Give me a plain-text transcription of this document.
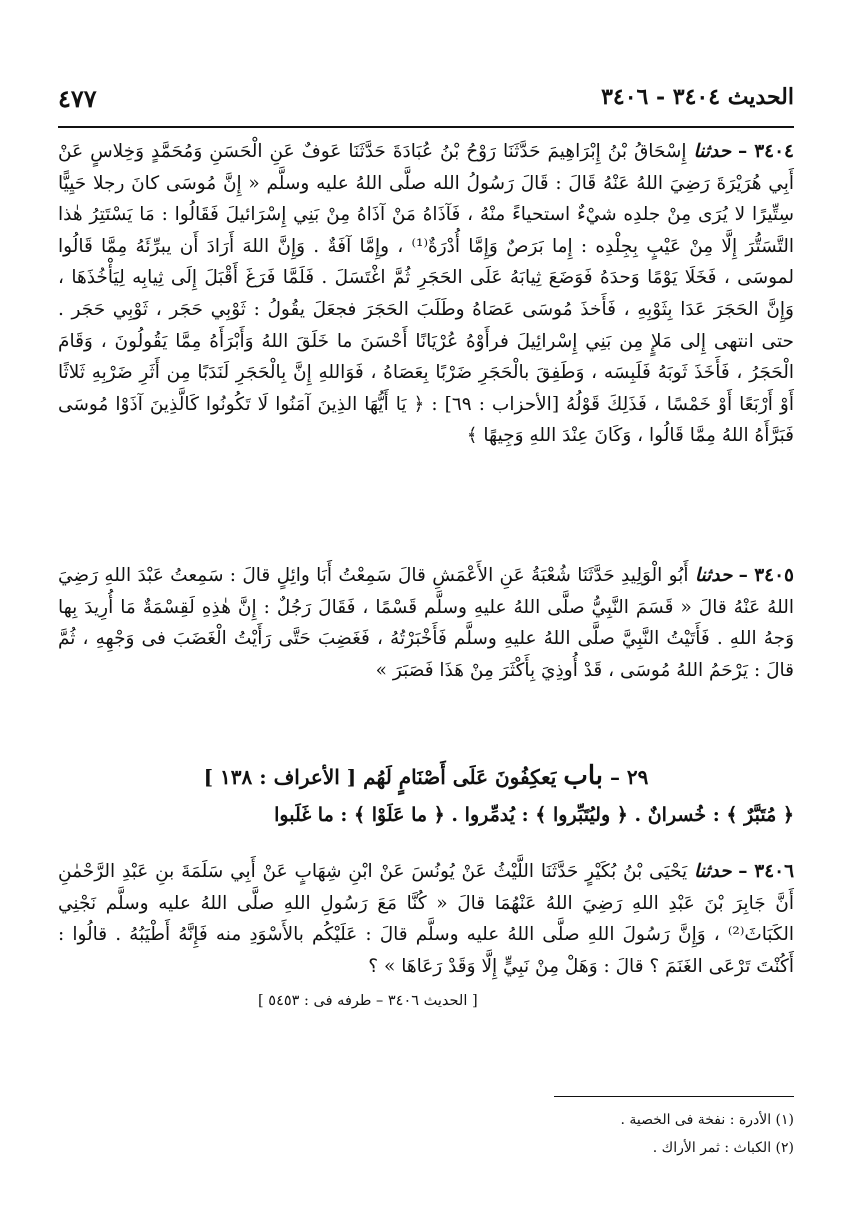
الحديث ٣٤٠٤ - ٣٤٠٦
٤٧٧

٣٤٠٤ – حدثنا إِسْحَاقُ بْنُ إِبْرَاهِيمَ حَدَّثَنَا رَوْحُ بْنُ عُبَادَةَ حَدَّثَنَا عَوفٌ عَنِ الْحَسَنِ وَمُحَمَّدٍ وَخِلاسٍ عَنْ أَبِي هُرَيْرَةَ رَضِيَ اللهُ عَنْهُ قَالَ : قَالَ رَسُولُ الله صلَّى اللهُ عليه وسلَّم « إِنَّ مُوسَى كانَ رجلا حَيِيًّا سِتِّيرًا لا يُرَى مِنْ جلدِه شيْءٌ استحياءً منْهُ ، فَآذَاهُ مَنْ آذَاهُ مِنْ بَنِي إِسْرَائيلَ فَقَالُوا : مَا يَسْتَتِرُ هٰذا التَّسَتُّرَ إِلَّا مِنْ عَيْبٍ بِجِلْدِه : إِما بَرَصٌ وَإِمَّا أُدْرَةٌ⁽¹⁾ ، وإِمَّا آفَةٌ . وَإِنَّ اللهَ أَرَادَ أَن يبرِّئَهُ مِمَّا قَالُوا لموسَى ، فَخَلَا يَوْمًا وَحدَهُ فَوَضَعَ ثِيابَهُ عَلَى الحَجَرِ ثُمَّ اغْتَسَلَ . فَلَمَّا فَرَغَ أَقْبَلَ إِلَى ثِيابِه لِيَأْخُذَهَا ، وَإِنَّ الحَجَرَ عَدَا بِثَوْبِهِ ، فَأَخذَ مُوسَى عَصَاهُ وطَلَبَ الحَجَرَ فجعَلَ يقُولُ : ثَوْبِي حَجَر ، ثَوْبِي حَجَر . حتى انتهى إِلى مَلإٍ مِن بَنِي إِسْرائِيلَ فرأَوْهُ عُرْيَانًا أَحْسَنَ ما خَلَقَ اللهُ وَأَبْرَأَهُ مِمَّا يَقُولُونَ ، وَقَامَ الْحَجَرُ ، فَأَخَذَ ثَوبَهُ فَلَبِسَه ، وَطَفِقَ بالْحَجَرِ ضَرْبًا بِعَصَاهُ ، فَوَاللهِ إِنَّ بِالْحَجَرِ لَنَدَبًا مِن أَثَرِ ضَرْبِهِ ثَلاثًا أَوْ أَرْبَعًا أَوْ خَمْسًا ، فَذَلِكَ قَوْلُهُ [الأحزاب : ٦٩] : ﴿ يَا أَيُّهَا الذِينَ آمَنُوا لَا تَكُونُوا كَالَّذِينَ آذَوْا مُوسَى فَبَرَّأَهُ اللهُ مِمَّا قَالُوا ، وَكَانَ عِنْدَ اللهِ وَجِيهًا ﴾

٣٤٠٥ – حدثنا أَبُو الْوَلِيدِ حَدَّثَنَا شُعْبَةُ عَنِ الأَعْمَشِ قالَ سَمِعْتُ أَبَا وائِلٍ قالَ : سَمِعتُ عَبْدَ اللهِ رَضِيَ اللهُ عَنْهُ قالَ « قَسَمَ النَّبِيُّ صلَّى اللهُ عليهِ وسلَّم قَسْمًا ، فَقَالَ رَجُلٌ : إِنَّ هٰذِهِ لَقِسْمَةٌ مَا أُرِيدَ بِها وَجهُ اللهِ . فَأَتَيْتُ النَّبِيَّ صلَّى اللهُ عليهِ وسلَّم فَأَخْبَرْتُهُ ، فَغَضِبَ حَتَّى رَأَيْتُ الْغَضَبَ فى وَجْهِهِ ، ثُمَّ قالَ : يَرْحَمُ اللهُ مُوسَى ، قَدْ أُوذِيَ بِأَكْثَرَ مِنْ هَذَا فَصَبَرَ »

٢٩ – باب يَعكِفُونَ عَلَى أَصْنَامٍ لَهُم [ الأعراف : ١٣٨ ]
﴿ مُتَبَّرٌ ﴾ : خُسرانٌ . ﴿ وليُتَبِّروا ﴾ : يُدمِّروا . ﴿ ما عَلَوْا ﴾ : ما غَلَبوا

٣٤٠٦ – حدثنا يَحْيَى بْنُ بُكَيْرٍ حَدَّثَنَا اللَّيْثُ عَنْ يُونُسَ عَنْ ابْنِ شِهَابٍ عَنْ أَبِي سَلَمَةَ بنِ عَبْدِ الرَّحْمٰنِ أَنَّ جَابِرَ بْنَ عَبْدِ اللهِ رَضِيَ اللهُ عَنْهُمَا قالَ « كُنَّا مَعَ رَسُولِ اللهِ صلَّى اللهُ عليه وسلَّم نَجْنِي الكَبَاثَ⁽²⁾ ، وَإِنَّ رَسُولَ اللهِ صلَّى اللهُ عليه وسلَّم قالَ : عَلَيْكُم بالأَسْوَدِ منه فَإِنَّهُ أَطْيَبُهُ . قالُوا : أَكُنْتَ تَرْعَى الغَنَمَ ؟ قالَ : وَهَلْ مِنْ نَبِيٍّ إِلَّا وَقَدْ رَعَاهَا » ؟

[ الحديث ٣٤٠٦ – طرفه فى : ٥٤٥٣ ]
(١) الأدرة : نفخة فى الخصية .
(٢) الكباث : ثمر الأراك .
